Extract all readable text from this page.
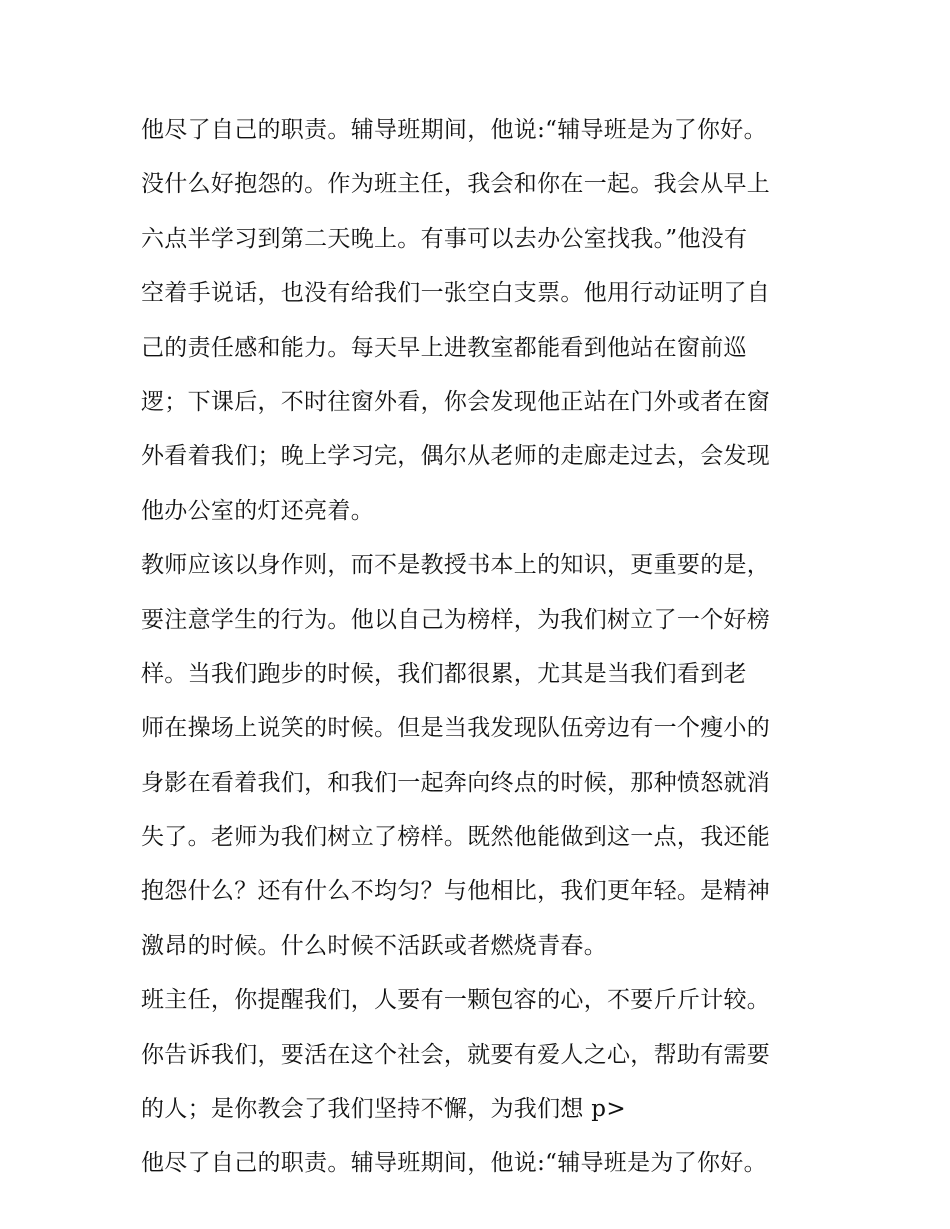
他尽了自己的职责。辅导班期间，他说:“辅导班是为了你好。
没什么好抱怨的。作为班主任，我会和你在一起。我会从早上
六点半学习到第二天晚上。有事可以去办公室找我。”他没有
空着手说话，也没有给我们一张空白支票。他用行动证明了自
己的责任感和能力。每天早上进教室都能看到他站在窗前巡
逻；下课后，不时往窗外看，你会发现他正站在门外或者在窗
外看着我们；晚上学习完，偶尔从老师的走廊走过去，会发现
他办公室的灯还亮着。
教师应该以身作则，而不是教授书本上的知识，更重要的是，
要注意学生的行为。他以自己为榜样，为我们树立了一个好榜
样。当我们跑步的时候，我们都很累，尤其是当我们看到老
师在操场上说笑的时候。但是当我发现队伍旁边有一个瘦小的
身影在看着我们，和我们一起奔向终点的时候，那种愤怒就消
失了。老师为我们树立了榜样。既然他能做到这一点，我还能
抱怨什么？还有什么不均匀？与他相比，我们更年轻。是精神
激昂的时候。什么时候不活跃或者燃烧青春。
班主任，你提醒我们，人要有一颗包容的心，不要斤斤计较。
你告诉我们，要活在这个社会，就要有爱人之心，帮助有需要
的人；是你教会了我们坚持不懈，为我们想 p>
他尽了自己的职责。辅导班期间，他说:“辅导班是为了你好。
